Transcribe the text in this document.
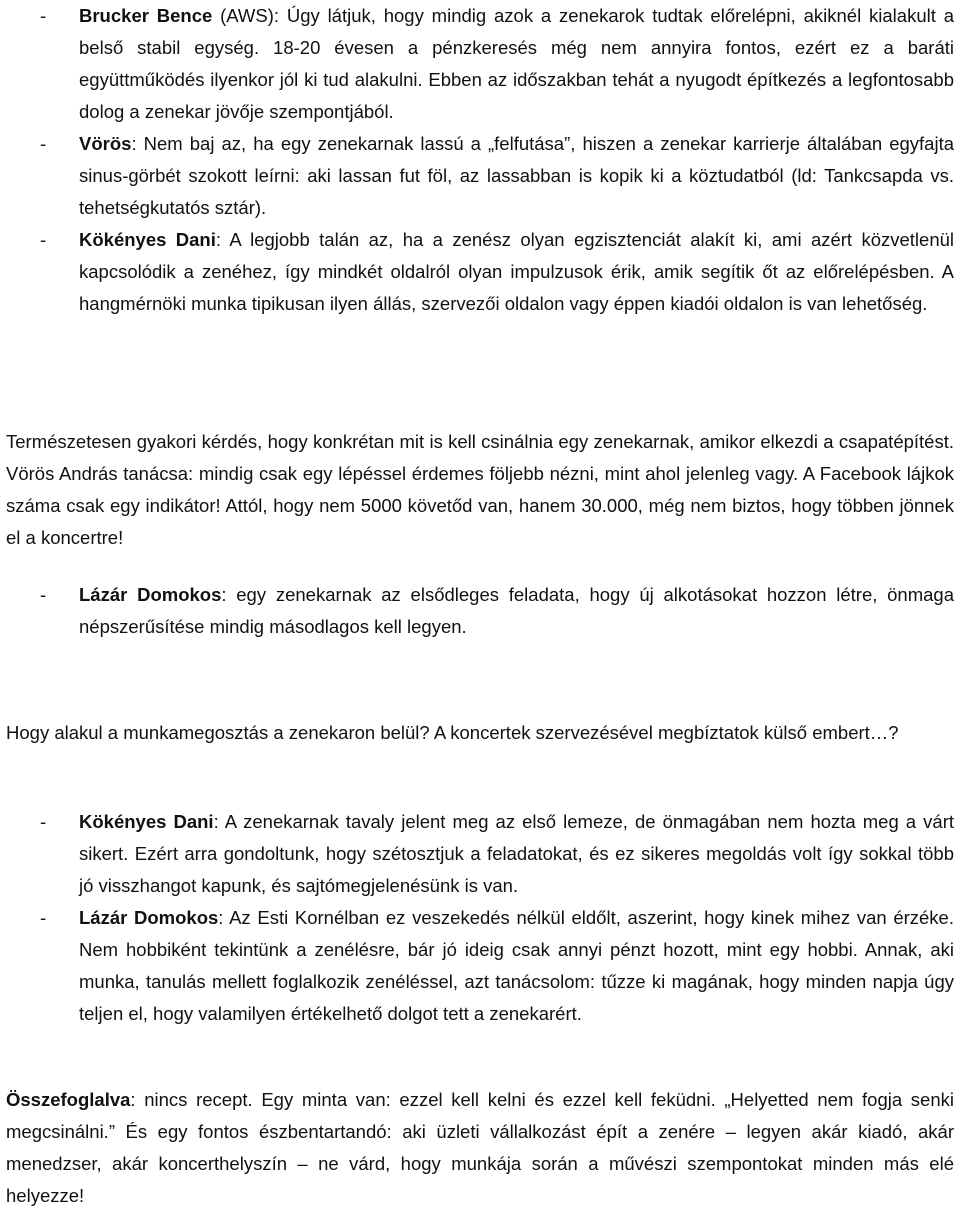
- Brucker Bence (AWS): Úgy látjuk, hogy mindig azok a zenekarok tudtak előrelépni, akiknél kialakult a belső stabil egység. 18-20 évesen a pénzkeresés még nem annyira fontos, ezért ez a baráti együttműködés ilyenkor jól ki tud alakulni. Ebben az időszakban tehát a nyugodt építkezés a legfontosabb dolog a zenekar jövője szempontjából.
- Vörös: Nem baj az, ha egy zenekarnak lassú a „felfutása”, hiszen a zenekar karrierje általában egyfajta sinus-görbét szokott leírni: aki lassan fut föl, az lassabban is kopik ki a köztudatból (ld: Tankcsapda vs. tehetségkutatós sztár).
- Kökényes Dani: A legjobb talán az, ha a zenész olyan egzisztenciát alakít ki, ami azért közvetlenül kapcsolódik a zenéhez, így mindkét oldalról olyan impulzusok érik, amik segítik őt az előrelépésben. A hangmérnöki munka tipikusan ilyen állás, szervezői oldalon vagy éppen kiadói oldalon is van lehetőség.
Természetesen gyakori kérdés, hogy konkrétan mit is kell csinálnia egy zenekarnak, amikor elkezdi a csapatépítést. Vörös András tanácsa: mindig csak egy lépéssel érdemes följebb nézni, mint ahol jelenleg vagy. A Facebook lájkok száma csak egy indikátor! Attól, hogy nem 5000 követőd van, hanem 30.000, még nem biztos, hogy többen jönnek el a koncertre!
- Lázár Domokos: egy zenekarnak az elsődleges feladata, hogy új alkotásokat hozzon létre, önmaga népszerűsítése mindig másodlagos kell legyen.
Hogy alakul a munkamegosztás a zenekaron belül? A koncertek szervezésével megbíztatok külső embert…?
- Kökényes Dani: A zenekarnak tavaly jelent meg az első lemeze, de önmagában nem hozta meg a várt sikert. Ezért arra gondoltunk, hogy szétosztjuk a feladatokat, és ez sikeres megoldás volt így sokkal több jó visszhangot kapunk, és sajtómegjelenésünk is van.
- Lázár Domokos: Az Esti Kornélban ez veszekedés nélkül eldőlt, aszerint, hogy kinek mihez van érzéke. Nem hobbiként tekintünk a zenélésre, bár jó ideig csak annyi pénzt hozott, mint egy hobbi. Annak, aki munka, tanulás mellett foglalkozik zenéléssel, azt tanácsolom: tűzze ki magának, hogy minden napja úgy teljen el, hogy valamilyen értékelhető dolgot tett a zenekarért.
Összefoglalva: nincs recept. Egy minta van: ezzel kell kelni és ezzel kell feküdni. „Helyetted nem fogja senki megcsinálni.” És egy fontos észbentartandó: aki üzleti vállalkozást épít a zenére – legyen akár kiadó, akár menedzser, akár koncerthelyszín – ne várd, hogy munkája során a művészi szempontokat minden más elé helyezze!
